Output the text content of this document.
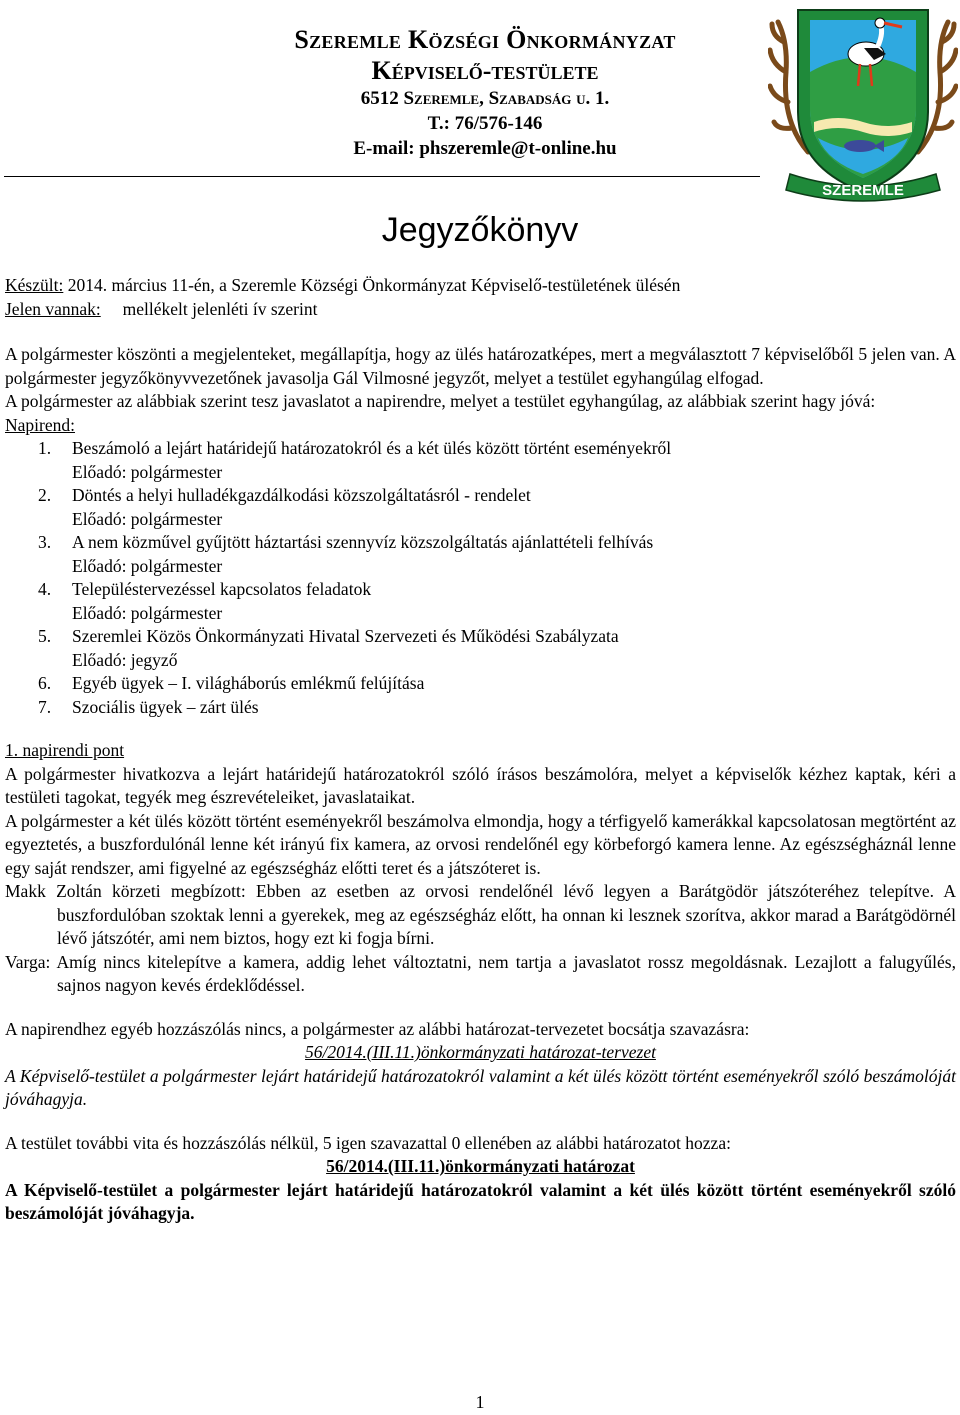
Szeremle Községi Önkormányzat
Képviselő-testülete
6512 Szeremle, Szabadság u. 1.
T.: 76/576-146
E-mail: phszeremle@t-online.hu
SZEREMLE
Jegyzőkönyv

Készült: 2014. március 11-én, a Szeremle Községi Önkormányzat Képviselő-testületének ülésén

Jelen vannak: mellékelt jelenléti ív szerint

A polgármester köszönti a megjelenteket, megállapítja, hogy az ülés határozatképes, mert a megválasztott 7 képviselőből 5 jelen van. A polgármester jegyzőkönyvvezetőnek javasolja Gál Vilmosné jegyzőt, melyet a testület egyhangúlag elfogad.

A polgármester az alábbiak szerint tesz javaslatot a napirendre, melyet a testület egyhangúlag, az alábbiak szerint hagy jóvá:

Napirend:

1. Beszámoló a lejárt határidejű határozatokról és a két ülés között történt eseményekről
Előadó: polgármester
2. Döntés a helyi hulladékgazdálkodási közszolgáltatásról - rendelet
Előadó: polgármester
3. A nem közművel gyűjtött háztartási szennyvíz közszolgáltatás ajánlattételi felhívás
Előadó: polgármester
4. Településtervezéssel kapcsolatos feladatok
Előadó: polgármester
5. Szeremlei Közös Önkormányzati Hivatal Szervezeti és Működési Szabályzata
Előadó: jegyző
6. Egyéb ügyek – I. világháborús emlékmű felújítása
7. Szociális ügyek – zárt ülés

1. napirendi pont

A polgármester hivatkozva a lejárt határidejű határozatokról szóló írásos beszámolóra, melyet a képviselők kézhez kaptak, kéri a testületi tagokat, tegyék meg észrevételeiket, javaslataikat.

A polgármester a két ülés között történt eseményekről beszámolva elmondja, hogy a térfigyelő kamerákkal kapcsolatosan megtörtént az egyeztetés, a buszfordulónál lenne két irányú fix kamera, az orvosi rendelőnél egy körbeforgó kamera lenne. Az egészségháznál lenne egy saját rendszer, ami figyelné az egészségház előtti teret és a játszóteret is.

Makk Zoltán körzeti megbízott: Ebben az esetben az orvosi rendelőnél lévő legyen a Barátgödör játszóteréhez telepítve. A buszfordulóban szoktak lenni a gyerekek, meg az egészségház előtt, ha onnan ki lesznek szorítva, akkor marad a Barátgödörnél lévő játszótér, ami nem biztos, hogy ezt ki fogja bírni.

Varga: Amíg nincs kitelepítve a kamera, addig lehet változtatni, nem tartja a javaslatot rossz megoldásnak. Lezajlott a falugyűlés, sajnos nagyon kevés érdeklődéssel.

A napirendhez egyéb hozzászólás nincs, a polgármester az alábbi határozat-tervezetet bocsátja szavazásra:

56/2014.(III.11.)önkormányzati határozat-tervezet

A Képviselő-testület a polgármester lejárt határidejű határozatokról valamint a két ülés között történt eseményekről szóló beszámolóját jóváhagyja.

A testület további vita és hozzászólás nélkül, 5 igen szavazattal 0 ellenében az alábbi határozatot hozza:

56/2014.(III.11.)önkormányzati határozat

A Képviselő-testület a polgármester lejárt határidejű határozatokról valamint a két ülés között történt eseményekről szóló beszámolóját jóváhagyja.

1
